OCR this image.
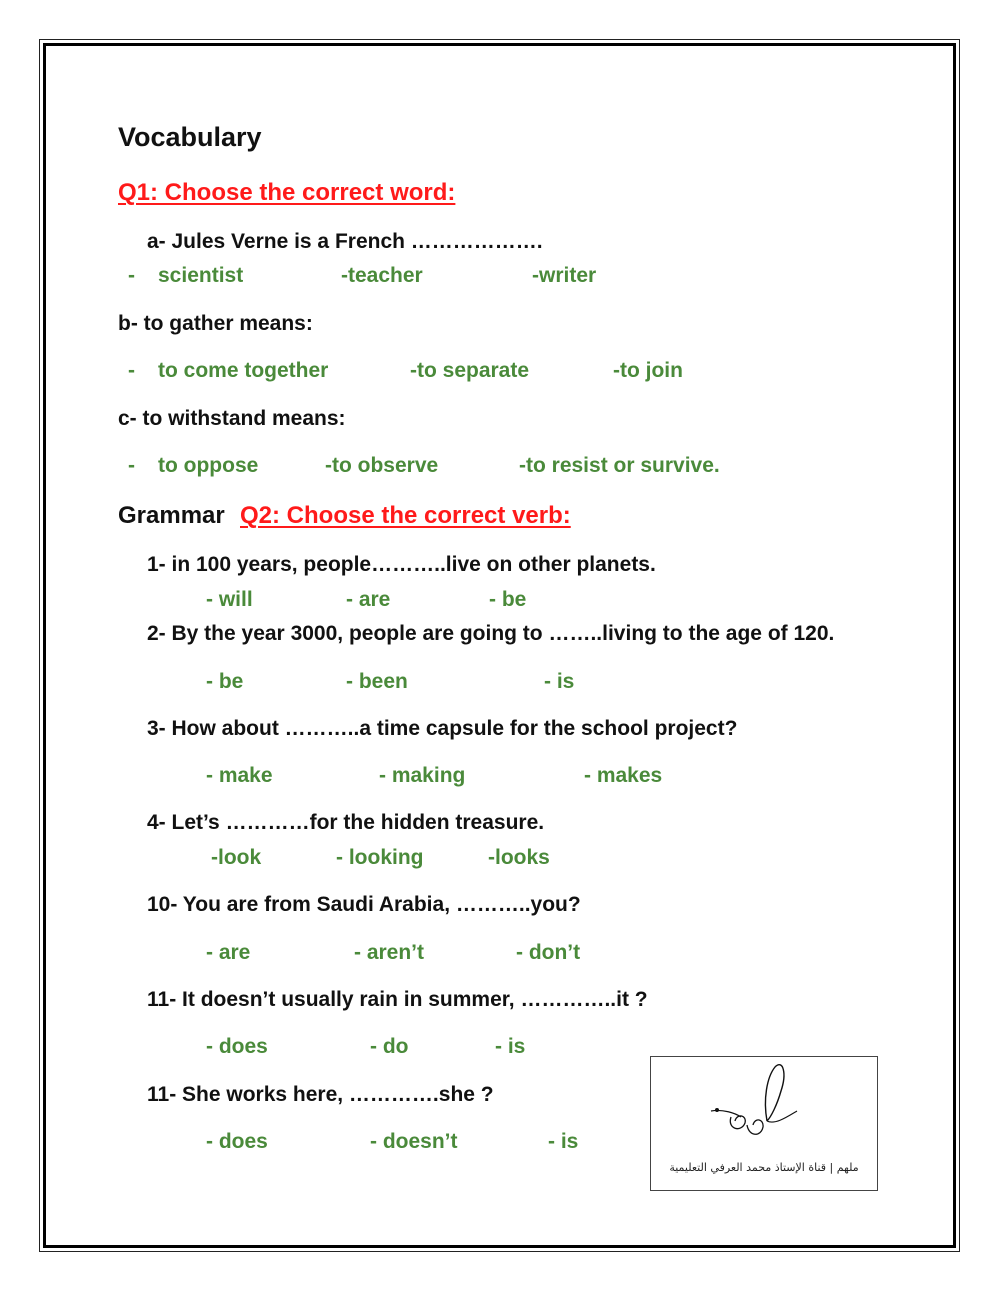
Vocabulary
Q1: Choose the correct word:
a- Jules Verne is a French ……………….
- scientist	-teacher	-writer
b- to gather means:
- to come together	-to separate	-to join
c- to withstand means:
- to oppose	-to observe	-to resist or survive.
Grammar Q2: Choose the correct verb:
1- in 100 years, people………..live on other planets.
- will	- are	- be
2- By the year 3000, people are going to ……..living to the age of 120.
- be	- been	- is
3- How about ………..a time capsule for the school project?
- make	- making	- makes
4- Let’s …………for the hidden treasure.
-look	- looking	-looks
10- You are from Saudi Arabia, ………..you?
- are	- aren’t	- don’t
11- It doesn’t usually rain in summer, …………..it ?
- does	- do	- is
11- She works here, ………….she ?
- does	- doesn’t	- is
ملهم | قناة الإستاذ محمد العرفي التعليمية
